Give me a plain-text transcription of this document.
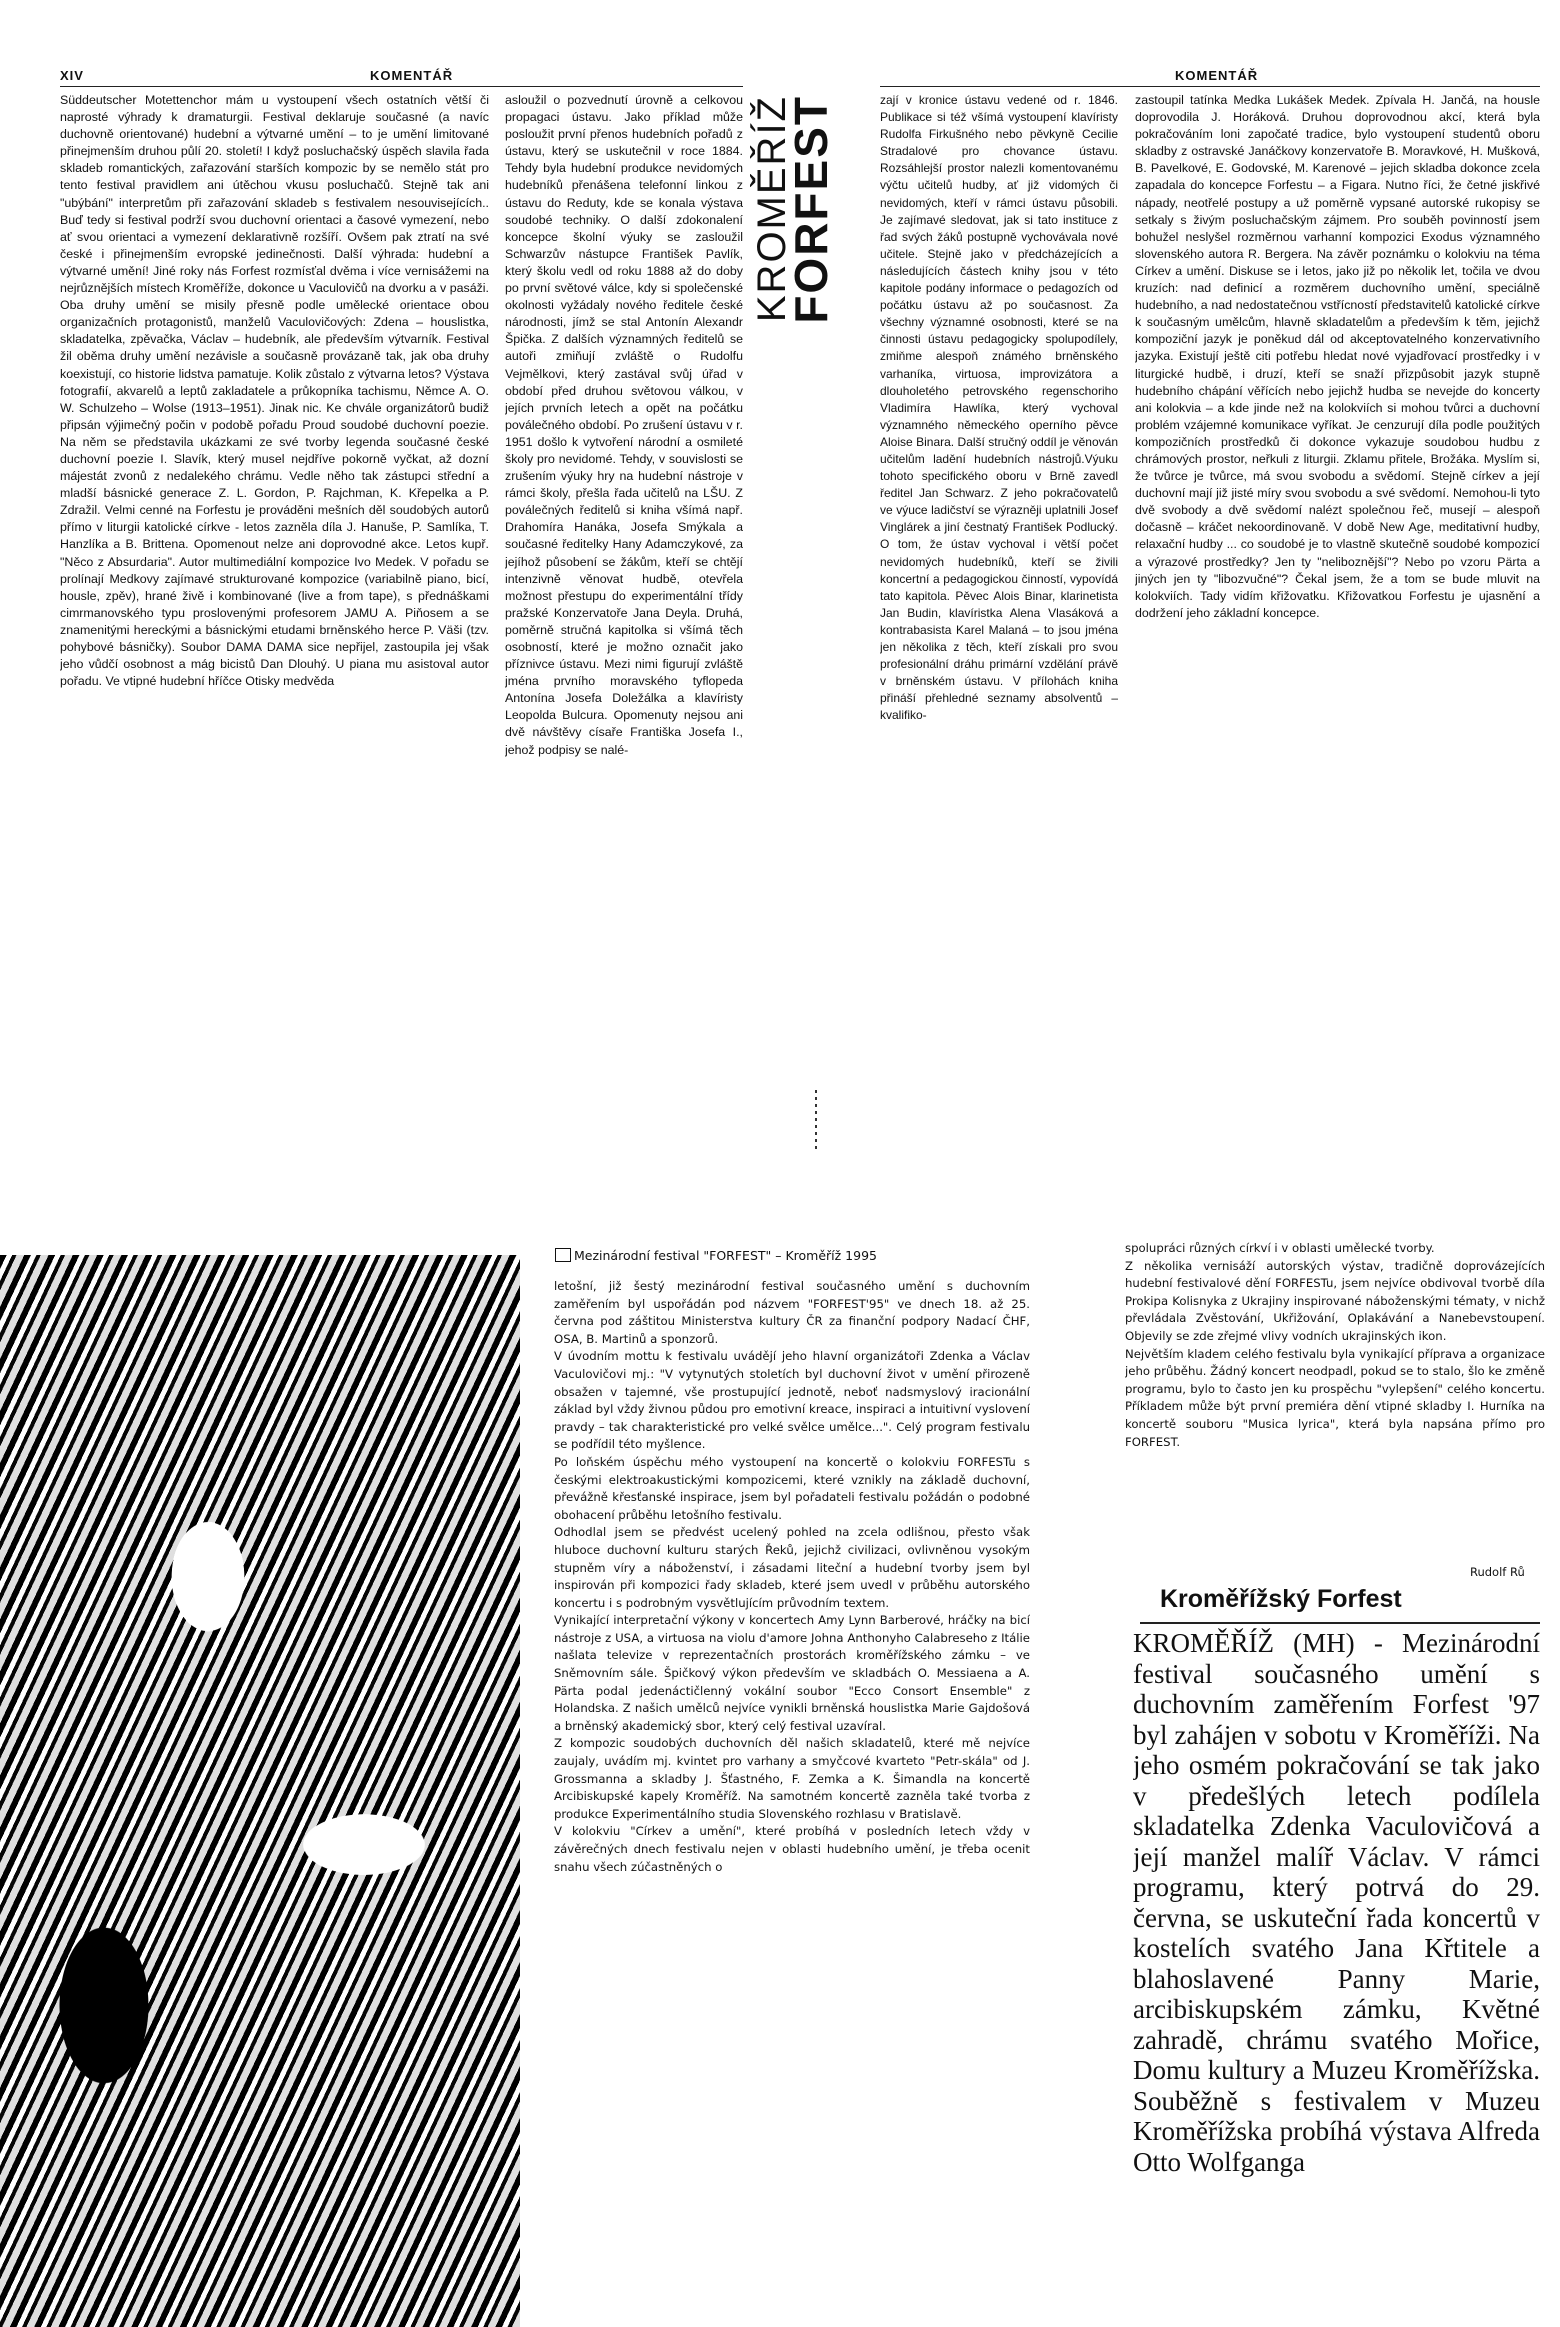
XIV	KOMENTÁŘ

Süddeutscher Motettenchor mám u vystoupení všech ostatních větší či naprosté výhrady k dramaturgii. Festival deklaruje současné (a navíc duchovně orientované) hudební a výtvarné umění – to je umění limitované přinejmenším druhou půlí 20. století! I když posluchačský úspěch slavila řada skladeb romantických, zařazování starších kompozic by se nemělo stát pro tento festival pravidlem ani útěchou vkusu posluchačů. Stejně tak ani "ubýbání" interpretům při zařazování skladeb s festivalem nesouvisejících.. Buď tedy si festival podrží svou duchovní orientaci a časové vymezení, nebo ať svou orientaci a vymezení deklarativně rozšíří. Ovšem pak ztratí na své české i přinejmenším evropské jedinečnosti. Další výhrada: hudební a výtvarné umění! Jiné roky nás Forfest rozmísťal dvěma i více vernisážemi na nejrůznějších místech Kroměříže, dokonce u Vaculovičů na dvorku a v pasáži. Oba druhy umění se misily přesně podle umělecké orientace obou organizačních protagonistů, manželů Vaculovičových: Zdena – houslistka, skladatelka, zpěvačka, Václav – hudebník, ale především výtvarník. Festival žil oběma druhy umění nezávisle a současně provázaně tak, jak oba druhy koexistují, co historie lidstva pamatuje. Kolik zůstalo z výtvarna letos? Výstava fotografií, akvarelů a leptů zakladatele a průkopníka tachismu, Němce A. O. W. Schulzeho – Wolse (1913–1951). Jinak nic. Ke chvále organizátorů budiž připsán výjimečný počin v podobě pořadu Proud soudobé duchovní poezie. Na něm se představila ukázkami ze své tvorby legenda současné české duchovní poezie I. Slavík, který musel nejdříve pokorně vyčkat, až dozní májestát zvonů z nedalekého chrámu. Vedle něho tak zástupci střední a mladší básnické generace Z. L. Gordon, P. Rajchman, K. Křepelka a P. Zdražil. Velmi cenné na Forfestu je prováděni mešních děl soudobých autorů přímo v liturgii katolické církve - letos zazněla díla J. Hanuše, P. Samlíka, T. Hanzlíka a B. Brittena. Opomenout nelze ani doprovodné akce. Letos kupř. "Něco z Absurdaria". Autor multimediální kompozice Ivo Medek. V pořadu se prolínají Medkovy zajímavé strukturované kompozice (variabilně piano, bicí, housle, zpěv), hrané živě i kombinované (live a from tape), s přednáškami cimrmanovského typu proslovenými profesorem JAMU A. Piňosem a se znamenitými hereckými a básnickými etudami brněnského herce P. Väši (tzv. pohybové básničky). Soubor DAMA DAMA sice nepřijel, zastoupila jej však jeho vůdčí osobnost a mág bicistů Dan Dlouhý. U piana mu asistoval autor pořadu. Ve vtipné hudební hříčce Otisky medvěda

asloužil o pozvednutí úrovně a celkovou propagaci ústavu. Jako příklad může posloužit první přenos hudebních pořadů z ústavu, který se uskutečnil v roce 1884. Tehdy byla hudební produkce nevidomých hudebníků přenášena telefonní linkou z ústavu do Reduty, kde se konala výstava soudobé techniky. O další zdokonalení koncepce školní výuky se zasloužil Schwarzův nástupce František Pavlík, který školu vedl od roku 1888 až do doby po první světové válce, kdy si společenské okolnosti vyžádaly nového ředitele české národnosti, jímž se stal Antonín Alexandr Špička. Z dalších významných ředitelů se autoři zmiňují zvláště o Rudolfu Vejmělkovi, který zastával svůj úřad v období před druhou světovou válkou, v jejích prvních letech a opět na počátku poválečného období. Po zrušení ústavu v r. 1951 došlo k vytvoření národní a osmileté školy pro nevidomé. Tehdy, v souvislosti se zrušením výuky hry na hudební nástroje v rámci školy, přešla řada učitelů na LŠU. Z poválečných ředitelů si kniha všímá např. Drahomíra Hanáka, Josefa Smýkala a současné ředitelky Hany Adamczykové, za jejíhož působení se žákům, kteří se chtějí intenzivně věnovat hudbě, otevřela možnost přestupu do experimentální třídy pražské Konzervatoře Jana Deyla. Druhá, poměrně stručná kapitolka si všímá těch osobností, které je možno označit jako příznivce ústavu. Mezi nimi figurují zvláště jména prvního moravského tyflopeda Antonína Josefa Doležálka a klavíristy Leopolda Bulcura. Opomenuty nejsou ani dvě návštěvy císaře Františka Josefa I., jehož podpisy se nalé-

FORFEST
KROMĚŘÍŽ
KOMENTÁŘ

zají v kronice ústavu vedené od r. 1846. Publikace si též všímá vystoupení klavíristy Rudolfa Firkušného nebo pěvkyně Cecilie Stradalové pro chovance ústavu. Rozsáhlejší prostor nalezli komentovanému výčtu učitelů hudby, ať již vidomých či nevidomých, kteří v rámci ústavu působili. Je zajímavé sledovat, jak si tato instituce z řad svých žáků postupně vychovávala nové učitele. Stejně jako v předcházejících a následujících částech knihy jsou v této kapitole podány informace o pedagozích od počátku ústavu až po současnost. Za všechny významné osobnosti, které se na činnosti ústavu pedagogicky spolupodílely, zmiňme alespoň známého brněnského varhaníka, virtuosa, improvizátora a dlouholetého petrovského regenschoriho Vladimíra Hawlíka, který vychoval významného německého operního pěvce Aloise Binara. Další stručný oddíl je věnován učitelům ladění hudebních nástrojů.Výuku tohoto specifického oboru v Brně zavedl ředitel Jan Schwarz. Z jeho pokračovatelů ve výuce ladičství se výrazněji uplatnili Josef Vinglárek a jiní čestnatý František Podlucký. O tom, že ústav vychoval i větší počet nevidomých hudebníků, kteří se živili koncertní a pedagogickou činností, vypovídá tato kapitola. Pěvec Alois Binar, klarinetista Jan Budin, klavíristka Alena Vlasáková a kontrabasista Karel Malaná – to jsou jména jen několika z těch, kteří získali pro svou profesionální dráhu primární vzdělání právě v brněnském ústavu. V přílohách kniha přináší přehledné seznamy absolventů – kvalifiko-

zastoupil tatínka Medka Lukášek Medek. Zpívala H. Jančá, na housle doprovodila J. Horáková. Druhou doprovodnou akcí, která byla pokračováním loni započaté tradice, bylo vystoupení studentů oboru skladby z ostravské Janáčkovy konzervatoře B. Moravkové, H. Mušková, B. Pavelkové, E. Godovské, M. Karenové – jejich skladba dokonce zcela zapadala do koncepce Forfestu – a Figara. Nutno říci, že četné jiskřivé nápady, neotřelé postupy a už poměrně vypsané autorské rukopisy se setkaly s živým posluchačským zájmem. Pro souběh povinností jsem bohužel neslyšel rozměrnou varhanní kompozici Exodus významného slovenského autora R. Bergera. Na závěr poznámku o kolokviu na téma Církev a umění. Diskuse se i letos, jako již po několik let, točila ve dvou kruzích: nad definicí a rozměrem duchovního umění, speciálně hudebního, a nad nedostatečnou vstřícností představitelů katolické církve k současným umělcům, hlavně skladatelům a především k těm, jejichž kompoziční jazyk je poněkud dál od akceptovatelného konzervativního jazyka. Existují ještě citi potřebu hledat nové vyjadřovací prostředky i v liturgické hudbě, i druzí, kteří se snaží přizpůsobit jazyk stupně hudebního chápání věřících nebo jejichž hudba se nevejde do koncerty ani kolokvia – a kde jinde než na kolokviích si mohou tvůrci a duchovní problém vzájemné komunikace vyříkat. Je cenzurují díla podle použitých kompozičních prostředků či dokonce vykazuje soudobou hudbu z chrámových prostor, neřkuli z liturgii. Zklamu přitele, Brožáka. Myslím si, že tvůrce je tvůrce, má svou svobodu a svědomí. Stejně církev a její duchovní mají již jisté míry svou svobodu a své svědomí. Nemohou-li tyto dvě svobody a dvě svědomí nalézt společnou řeč, musejí – alespoň dočasně – kráčet nekoordinovaně. V době New Age, meditativní hudby, relaxační hudby ... co soudobé je to vlastně skutečně soudobé kompozicí a výrazové prostředky? Jen ty "neliboznější"? Nebo po vzoru Pärta a jiných jen ty "libozvučné"? Čekal jsem, že a tom se bude mluvit na kolokviích. Tady vidím křižovatku. Křižovatkou Forfestu je ujasnění a dodržení jeho základní koncepce.

Mezinárodní festival "FORFEST" – Kroměříž 1995

letošní, již šestý mezinárodní festival současného umění s duchovním zaměřením byl uspořádán pod názvem "FORFEST'95" ve dnech 18. až 25. června pod záštitou Ministerstva kultury ČR za finanční podpory Nadací ČHF, OSA, B. Martinů a sponzorů.

V úvodním mottu k festivalu uvádějí jeho hlavní organizátoři Zdenka a Václav Vaculovičovi mj.: "V vytynutých stoletích byl duchovní život v umění přirozeně obsažen v tajemné, vše prostupující jednotě, neboť nadsmyslový iracionální základ byl vždy živnou půdou pro emotivní kreace, inspiraci a intuitivní vyslovení pravdy – tak charakteristické pro velké svělce umělce...". Celý program festivalu se podřídil této myšlence.

Po loňském úspěchu mého vystoupení na koncertě o kolokviu FORFESTu s českými elektroakustickými kompozicemi, které vznikly na základě duchovní, převážně křesťanské inspirace, jsem byl pořadateli festivalu požádán o podobné obohacení průběhu letošního festivalu.

Odhodlal jsem se předvést ucelený pohled na zcela odlišnou, přesto však hluboce duchovní kulturu starých Řeků, jejichž civilizaci, ovlivněnou vysokým stupněm víry a náboženství, i zásadami liteční a hudební tvorby jsem byl inspirován při kompozici řady skladeb, které jsem uvedl v průběhu autorského koncertu i s podrobným vysvětlujícím průvodním textem.

Vynikající interpretační výkony v koncertech Amy Lynn Barberové, hráčky na bicí nástroje z USA, a virtuosa na violu d'amore Johna Anthonyho Calabreseho z Itálie našlata televize v reprezentačních prostorách kroměřížského zámku – ve Sněmovním sále. Špičkový výkon především ve skladbách O. Messiaena a A. Pärta podal jedenáctičlenný vokální soubor "Ecco Consort Ensemble" z Holandska. Z našich umělců nejvíce vynikli brněnská houslistka Marie Gajdošová a brněnský akademický sbor, který celý festival uzavíral.

Z kompozic soudobých duchovních děl našich skladatelů, které mě nejvíce zaujaly, uvádím mj. kvintet pro varhany a smyčcové kvarteto "Petr-skála" od J. Grossmanna a skladby J. Šťastného, F. Zemka a K. Šimandla na koncertě Arcibiskupské kapely Kroměříž. Na samotném koncertě zazněla také tvorba z produkce Experimentálního studia Slovenského rozhlasu v Bratislavě.

V kolokviu "Církev a umění", které probíhá v posledních letech vždy v závěrečných dnech festivalu nejen v oblasti hudebního umění, je třeba ocenit snahu všech zúčastněných o

spolupráci různých církví i v oblasti umělecké tvorby.

Z několika vernisáží autorských výstav, tradičně doprovázejících hudební festivalové dění FORFESTu, jsem nejvíce obdivoval tvorbě díla Prokipa Kolisnyka z Ukrajiny inspirované náboženskými tématy, v nichž převládala Zvěstování, Ukřižování, Oplakávání a Nanebevstoupení. Objevily se zde zřejmé vlivy vodních ukrajinských ikon.

Největším kladem celého festivalu byla vynikající příprava a organizace jeho průběhu. Žádný koncert neodpadl, pokud se to stalo, šlo ke změně programu, bylo to často jen ku prospěchu "vylepšení" celého koncertu. Příkladem může být první premiéra dění vtipné skladby I. Hurníka na koncertě souboru "Musica lyrica", která byla napsána přímo pro FORFEST.

Rudolf Rů
Kroměřížský Forfest
KROMĚŘÍŽ (MH) - Mezinárodní festival současného umění s duchovním zaměřením Forfest '97 byl zahájen v sobotu v Kroměříži. Na jeho osmém pokračování se tak jako v předešlých letech podílela skladatelka Zdenka Vaculovičová a její manžel malíř Václav. V rámci programu, který potrvá do 29. června, se uskuteční řada koncertů v kostelích svatého Jana Křtitele a blahoslavené Panny Marie, arcibiskupském zámku, Květné zahradě, chrámu svatého Mořice, Domu kultury a Muzeu Kroměřížska. Souběžně s festivalem v Muzeu Kroměřížska probíhá výstava Alfreda Otto Wolfganga
